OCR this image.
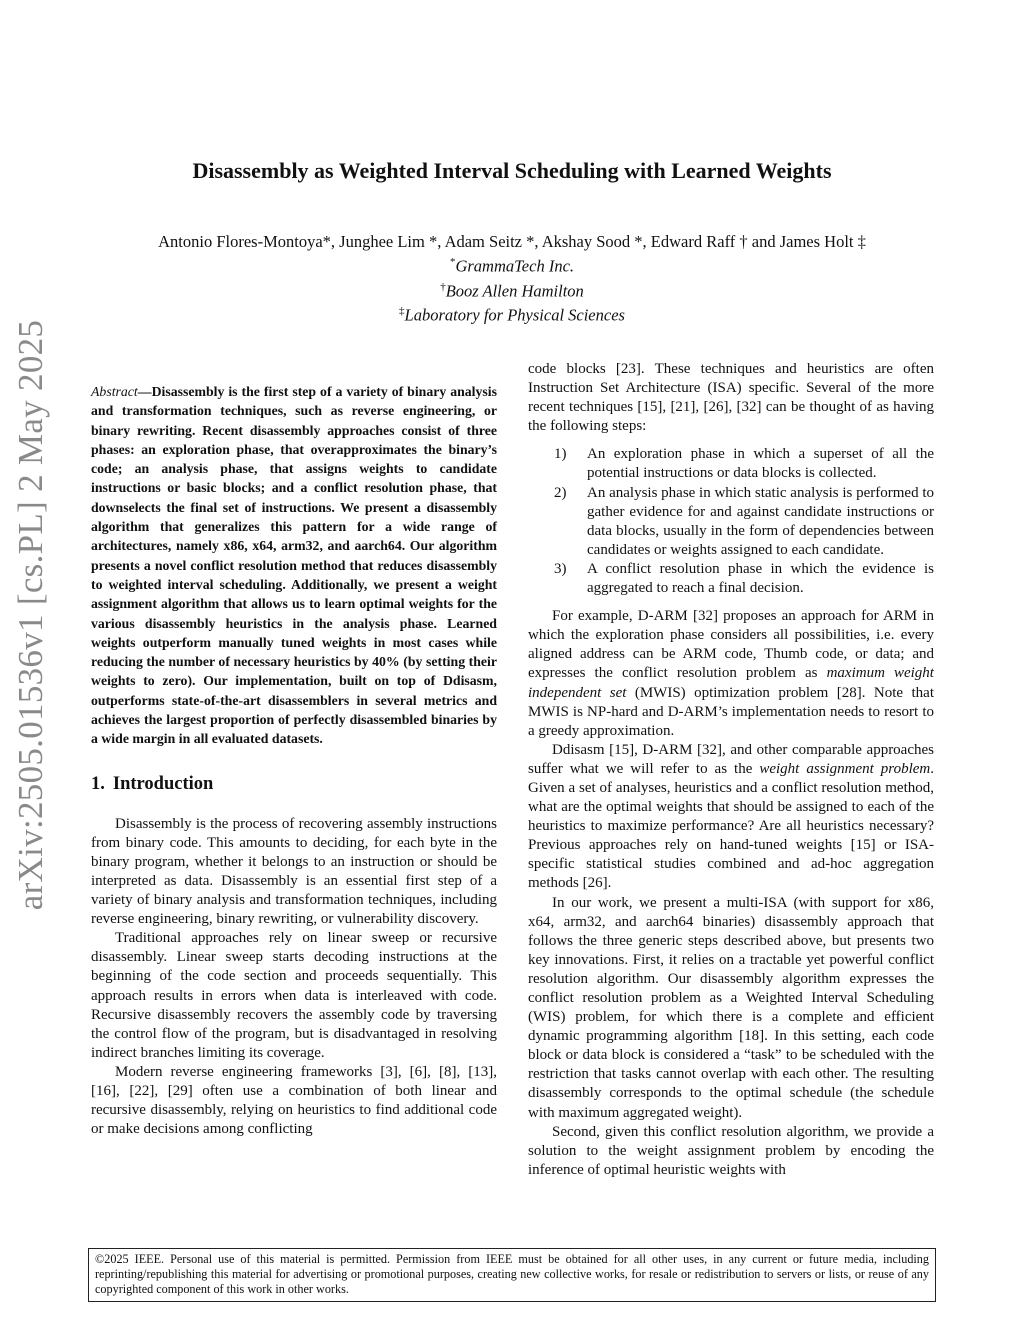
arXiv:2505.01536v1 [cs.PL] 2 May 2025
Disassembly as Weighted Interval Scheduling with Learned Weights
Antonio Flores-Montoya*, Junghee Lim *, Adam Seitz *, Akshay Sood *, Edward Raff † and James Holt ‡
*GrammaTech Inc.
†Booz Allen Hamilton
‡Laboratory for Physical Sciences

Abstract—Disassembly is the first step of a variety of binary analysis and transformation techniques, such as reverse engineering, or binary rewriting. Recent disassembly approaches consist of three phases: an exploration phase, that overapproximates the binary’s code; an analysis phase, that assigns weights to candidate instructions or basic blocks; and a conflict resolution phase, that downselects the final set of instructions. We present a disassembly algorithm that generalizes this pattern for a wide range of architectures, namely x86, x64, arm32, and aarch64. Our algorithm presents a novel conflict resolution method that reduces disassembly to weighted interval scheduling. Additionally, we present a weight assignment algorithm that allows us to learn optimal weights for the various disassembly heuristics in the analysis phase. Learned weights outperform manually tuned weights in most cases while reducing the number of necessary heuristics by 40% (by setting their weights to zero). Our implementation, built on top of Ddisasm, outperforms state-of-the-art disassemblers in several metrics and achieves the largest proportion of perfectly disassembled binaries by a wide margin in all evaluated datasets.

1. Introduction

Disassembly is the process of recovering assembly instructions from binary code. This amounts to deciding, for each byte in the binary program, whether it belongs to an instruction or should be interpreted as data. Disassembly is an essential first step of a variety of binary analysis and transformation techniques, including reverse engineering, binary rewriting, or vulnerability discovery.

Traditional approaches rely on linear sweep or recursive disassembly. Linear sweep starts decoding instructions at the beginning of the code section and proceeds sequentially. This approach results in errors when data is interleaved with code. Recursive disassembly recovers the assembly code by traversing the control flow of the program, but is disadvantaged in resolving indirect branches limiting its coverage.

Modern reverse engineering frameworks [3], [6], [8], [13], [16], [22], [29] often use a combination of both linear and recursive disassembly, relying on heuristics to find additional code or make decisions among conflicting

code blocks [23]. These techniques and heuristics are often Instruction Set Architecture (ISA) specific. Several of the more recent techniques [15], [21], [26], [32] can be thought of as having the following steps:

1)	An exploration phase in which a superset of all the potential instructions or data blocks is collected.
2)	An analysis phase in which static analysis is performed to gather evidence for and against candidate instructions or data blocks, usually in the form of dependencies between candidates or weights assigned to each candidate.
3)	A conflict resolution phase in which the evidence is aggregated to reach a final decision.

For example, D-ARM [32] proposes an approach for ARM in which the exploration phase considers all possibilities, i.e. every aligned address can be ARM code, Thumb code, or data; and expresses the conflict resolution problem as maximum weight independent set (MWIS) optimization problem [28]. Note that MWIS is NP-hard and D-ARM’s implementation needs to resort to a greedy approximation.

Ddisasm [15], D-ARM [32], and other comparable approaches suffer what we will refer to as the weight assignment problem. Given a set of analyses, heuristics and a conflict resolution method, what are the optimal weights that should be assigned to each of the heuristics to maximize performance? Are all heuristics necessary? Previous approaches rely on hand-tuned weights [15] or ISA-specific statistical studies combined and ad-hoc aggregation methods [26].

In our work, we present a multi-ISA (with support for x86, x64, arm32, and aarch64 binaries) disassembly approach that follows the three generic steps described above, but presents two key innovations. First, it relies on a tractable yet powerful conflict resolution algorithm. Our disassembly algorithm expresses the conflict resolution problem as a Weighted Interval Scheduling (WIS) problem, for which there is a complete and efficient dynamic programming algorithm [18]. In this setting, each code block or data block is considered a “task” to be scheduled with the restriction that tasks cannot overlap with each other. The resulting disassembly corresponds to the optimal schedule (the schedule with maximum aggregated weight).

Second, given this conflict resolution algorithm, we provide a solution to the weight assignment problem by encoding the inference of optimal heuristic weights with

©2025 IEEE. Personal use of this material is permitted. Permission from IEEE must be obtained for all other uses, in any current or future media, including reprinting/republishing this material for advertising or promotional purposes, creating new collective works, for resale or redistribution to servers or lists, or reuse of any copyrighted component of this work in other works.
